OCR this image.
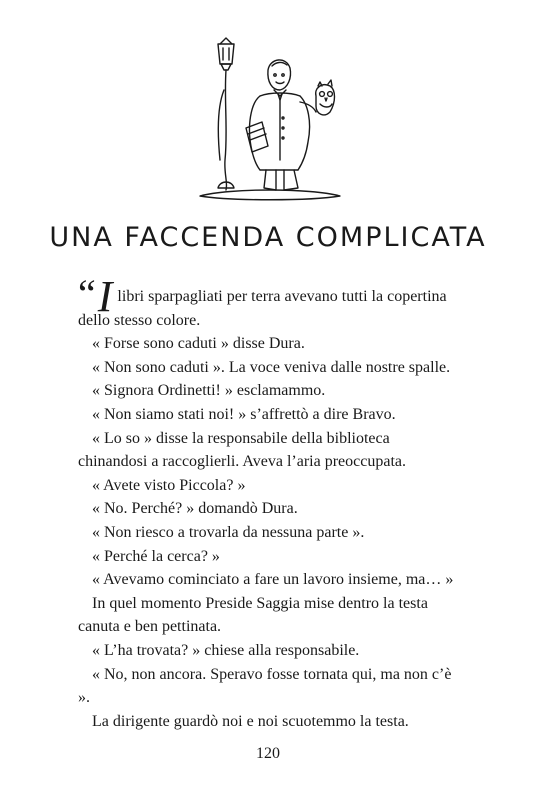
UNA FACCENDA COMPLICATA

“I libri sparpagliati per terra avevano tutti la copertina dello stesso colore.

« Forse sono caduti » disse Dura.

« Non sono caduti ». La voce veniva dalle nostre spalle.

« Signora Ordinetti! » esclamammo.

« Non siamo stati noi! » s’affrettò a dire Bravo.

« Lo so » disse la responsabile della biblioteca chinandosi a raccoglierli. Aveva l’aria preoccupata.

« Avete visto Piccola? »

« No. Perché? » domandò Dura.

« Non riesco a trovarla da nessuna parte ».

« Perché la cerca? »

« Avevamo cominciato a fare un lavoro insieme, ma… »

In quel momento Preside Saggia mise dentro la testa canuta e ben pettinata.

« L’ha trovata? » chiese alla responsabile.

« No, non ancora. Speravo fosse tornata qui, ma non c’è ».

La dirigente guardò noi e noi scuotemmo la testa.

120
